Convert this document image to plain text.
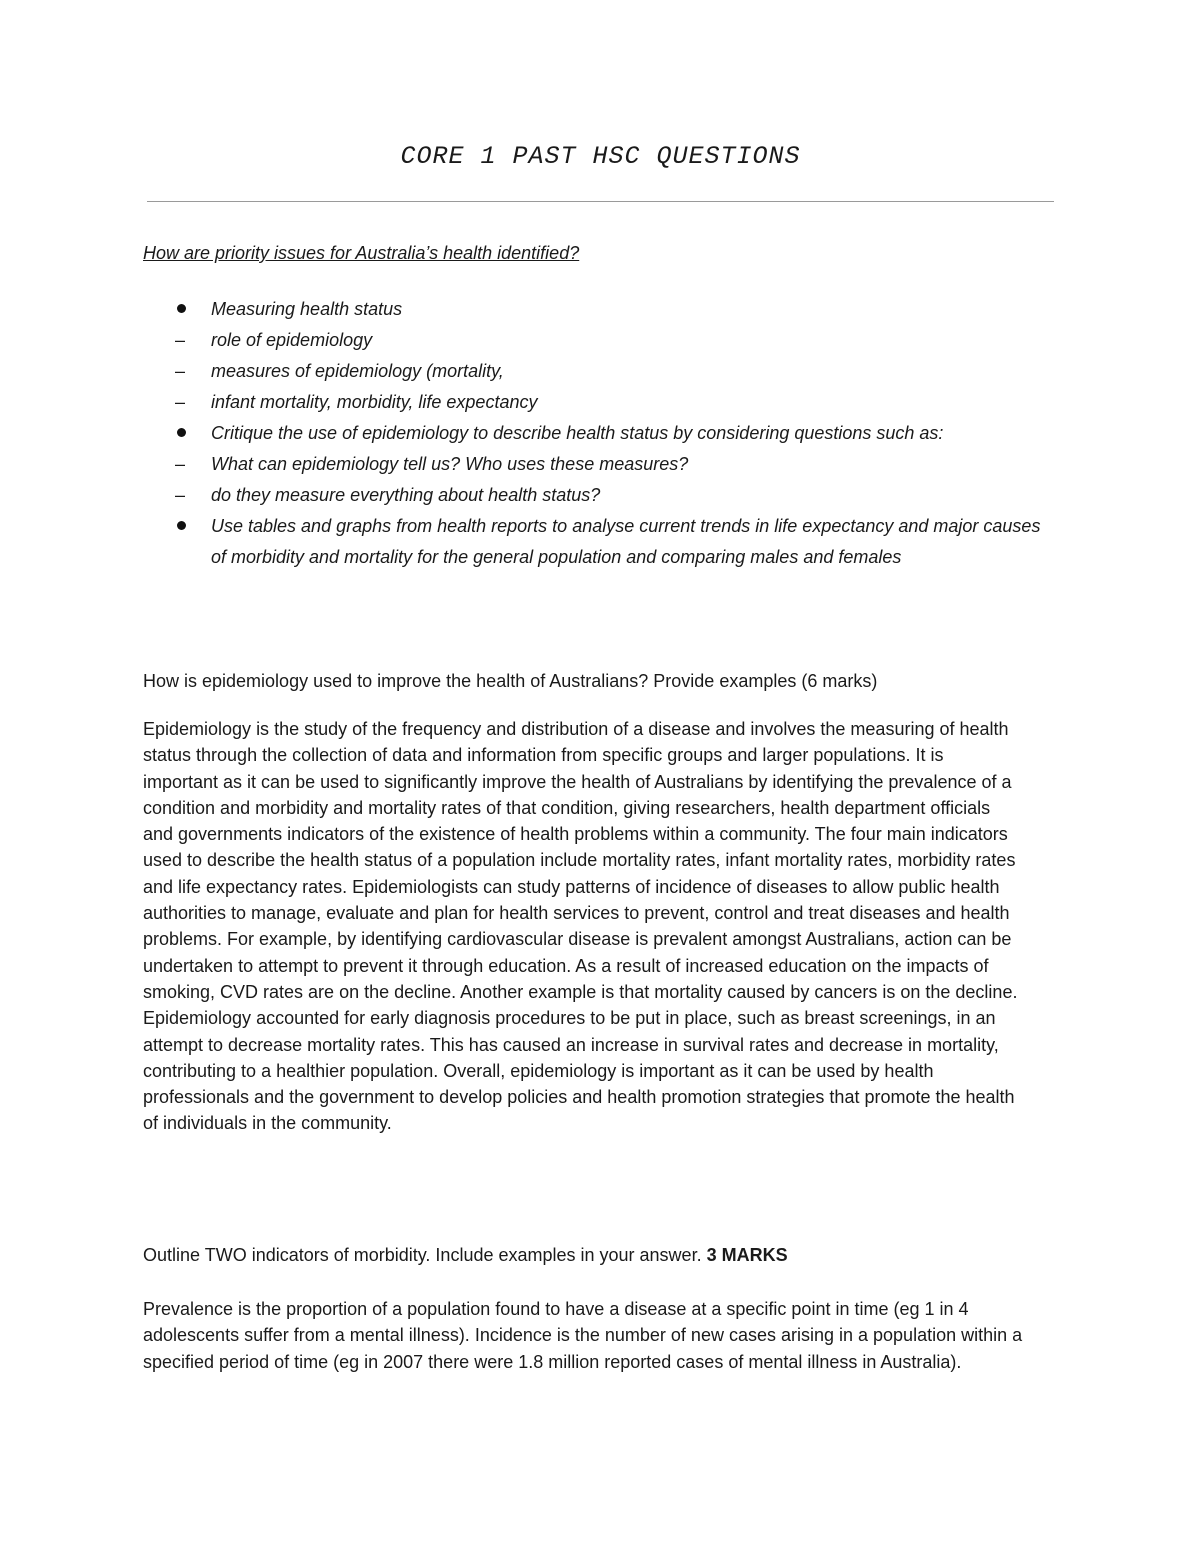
CORE 1 PAST HSC QUESTIONS
How are priority issues for Australia’s health identified?
Measuring health status
–	role of epidemiology
–	measures of epidemiology (mortality,
–	infant mortality, morbidity, life expectancy
Critique the use of epidemiology to describe health status by considering questions such as:
–	What can epidemiology tell us? Who uses these measures?
–	do they measure everything about health status?
Use tables and graphs from health reports to analyse current trends in life expectancy and major causes of morbidity and mortality for the general population and comparing males and females

How is epidemiology used to improve the health of Australians? Provide examples (6 marks)

Epidemiology is the study of the frequency and distribution of a disease and involves the measuring of health status through the collection of data and information from specific groups and larger populations. It is important as it can be used to significantly improve the health of Australians by identifying the prevalence of a condition and morbidity and mortality rates of that condition, giving researchers, health department officials and governments indicators of the existence of health problems within a community. The four main indicators used to describe the health status of a population include mortality rates, infant mortality rates, morbidity rates and life expectancy rates. Epidemiologists can study patterns of incidence of diseases to allow public health authorities to manage, evaluate and plan for health services to prevent, control and treat diseases and health problems. For example, by identifying cardiovascular disease is prevalent amongst Australians, action can be undertaken to attempt to prevent it through education. As a result of increased education on the impacts of smoking, CVD rates are on the decline. Another example is that mortality caused by cancers is on the decline. Epidemiology accounted for early diagnosis procedures to be put in place, such as breast screenings, in an attempt to decrease mortality rates. This has caused an increase in survival rates and decrease in mortality, contributing to a healthier population. Overall, epidemiology is important as it can be used by health professionals and the government to develop policies and health promotion strategies that promote the health of individuals in the community.

Outline TWO indicators of morbidity. Include examples in your answer. 3 MARKS

Prevalence is the proportion of a population found to have a disease at a specific point in time (eg 1 in 4 adolescents suffer from a mental illness). Incidence is the number of new cases arising in a population within a specified period of time (eg in 2007 there were 1.8 million reported cases of mental illness in Australia).
